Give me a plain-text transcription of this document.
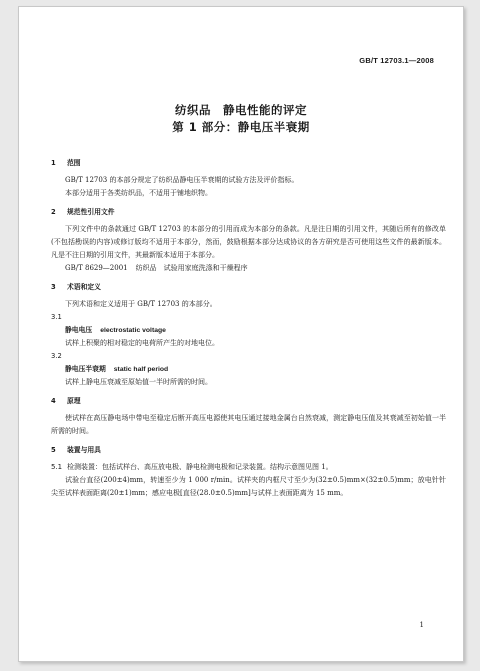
GB/T 12703.1—2008
纺织品 静电性能的评定
第 1 部分：静电压半衰期

1 范围

GB/T 12703 的本部分规定了纺织品静电压半衰期的试验方法及评价指标。

本部分适用于各类纺织品，不适用于铺地织物。

2 规范性引用文件

下列文件中的条款通过 GB/T 12703 的本部分的引用而成为本部分的条款。凡是注日期的引用文件，其随后所有的修改单(不包括勘误的内容)或修订版均不适用于本部分，然而，鼓励根据本部分达成协议的各方研究是否可使用这些文件的最新版本。凡是不注日期的引用文件，其最新版本适用于本部分。

GB/T 8629—2001 纺织品　试验用家庭洗涤和干燥程序

3 术语和定义

下列术语和定义适用于 GB/T 12703 的本部分。

3.1

静电电压 electrostatic voltage

试样上积聚的相对稳定的电荷所产生的对地电位。

3.2

静电压半衰期 static half period

试样上静电压衰减至原始值一半时所需的时间。

4 原理

使试样在高压静电场中带电至稳定后断开高压电源使其电压通过接地金属台自然衰减，测定静电压值及其衰减至初始值一半所需的时间。

5 装置与用具

5.1 检测装置：包括试样台、高压放电极、静电检测电极和记录装置。结构示意图见图 1。

试验台直径(200±4)mm，转速至少为 1 000 r/min。试样夹的内框尺寸至少为(32±0.5)mm×(32±0.5)mm；放电针针尖至试样表面距离(20±1)mm；感应电极[直径(28.0±0.5)mm]与试样上表面距离为 15 mm。

1
